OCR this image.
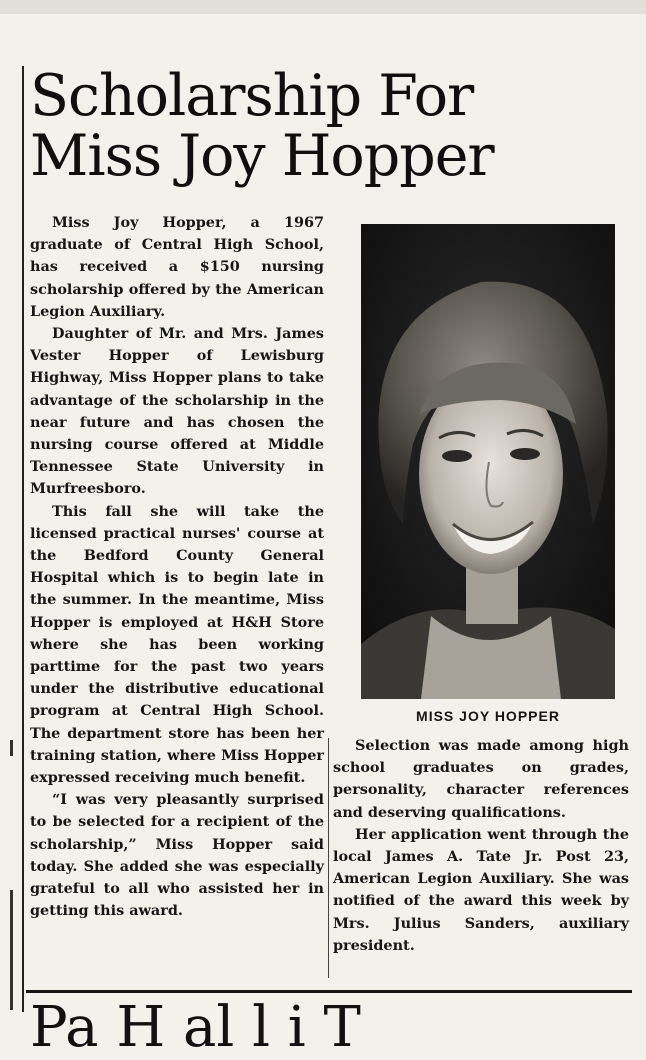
Scholarship For
Miss Joy Hopper

Miss Joy Hopper, a 1967 graduate of Central High School, has received a $150 nursing scholarship offered by the American Legion Auxiliary.

Daughter of Mr. and Mrs. James Vester Hopper of Lewisburg Highway, Miss Hopper plans to take advantage of the scholarship in the near future and has chosen the nursing course offered at Middle Tennessee State University in Murfreesboro.

This fall she will take the licensed practical nurses' course at the Bedford County General Hospital which is to begin late in the summer. In the meantime, Miss Hopper is employed at H&H Store where she has been working parttime for the past two years under the distributive educational program at Central High School. The department store has been her training station, where Miss Hopper expressed receiving much benefit.

“I was very pleasantly surprised to be selected for a recipient of the scholarship,” Miss Hopper said today. She added she was especially grateful to all who assisted her in getting this award.

MISS JOY HOPPER

Selection was made among high school graduates on grades, personality, character references and deserving qualifications.

Her application went through the local James A. Tate Jr. Post 23, American Legion Auxiliary. She was notified of the award this week by Mrs. Julius Sanders, auxiliary president.

Pa H al l i T
